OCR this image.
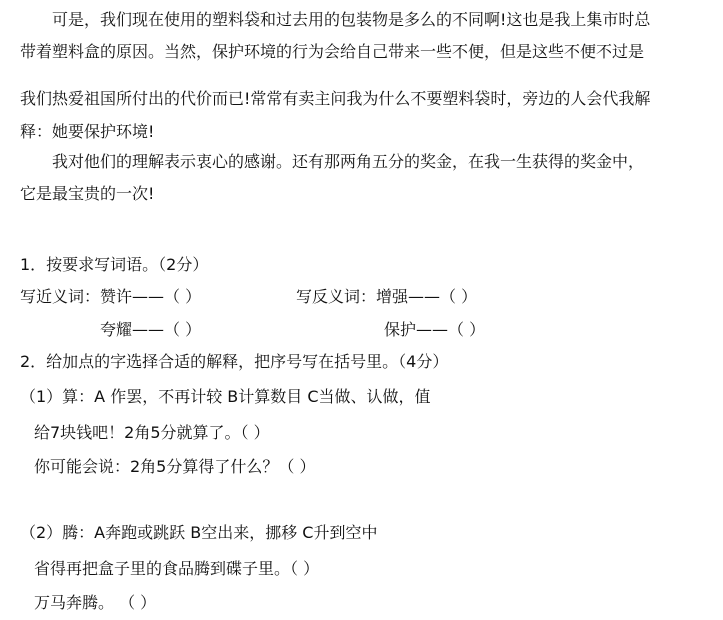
可是，我们现在使用的塑料袋和过去用的包装物是多么的不同啊!这也是我上集市时总
带着塑料盒的原因。当然，保护环境的行为会给自己带来一些不便，但是这些不便不过是
我们热爱祖国所付出的代价而已!常常有卖主问我为什么不要塑料袋时，旁边的人会代我解
释：她要保护环境!
我对他们的理解表示衷心的感谢。还有那两角五分的奖金，在我一生获得的奖金中，
它是最宝贵的一次!
1．按要求写词语。（2分）
写近义词：赞许——（ ）	写反义词：增强——（ ）
夸耀——（ ）	保护——（ ）
2．给加点的字选择合适的解释，把序号写在括号里。（4分）
（1）算：A 作罢，不再计较 B计算数目 C当做、认做，值
给7块钱吧！2角5分就算了。（ ）
你可能会说：2角5分算得了什么？（ ）
（2）腾：A奔跑或跳跃 B空出来，挪移 C升到空中
省得再把盒子里的食品腾到碟子里。（ ）
万马奔腾。 （ ）
